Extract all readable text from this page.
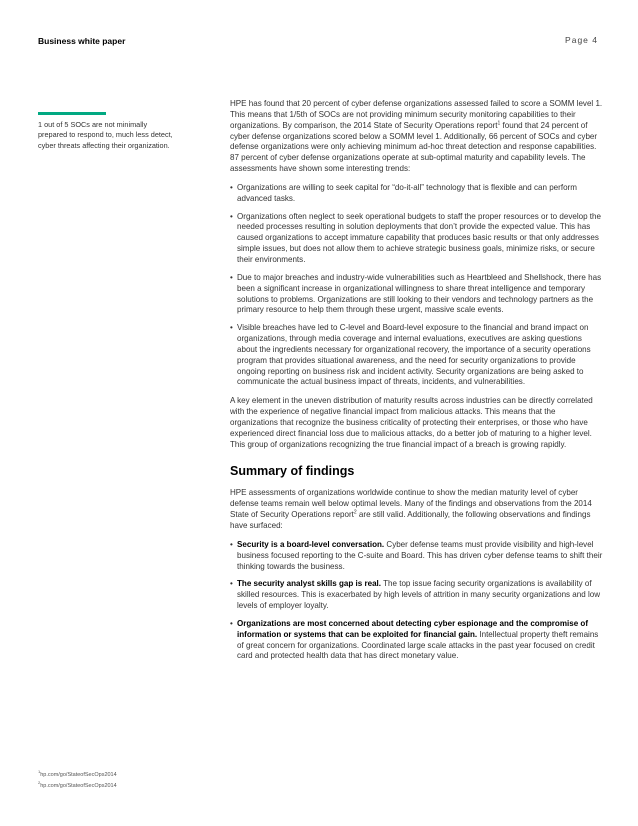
Business white paper	Page 4
1 out of 5 SOCs are not minimally prepared to respond to, much less detect, cyber threats affecting their organization.

HPE has found that 20 percent of cyber defense organizations assessed failed to score a SOMM level 1. This means that 1/5th of SOCs are not providing minimum security monitoring capabilities to their organizations. By comparison, the 2014 State of Security Operations report$^1$ found that 24 percent of cyber defense organizations scored below a SOMM level 1. Additionally, 66 percent of SOCs and cyber defense organizations were only achieving minimum ad-hoc threat detection and response capabilities. 87 percent of cyber defense organizations operate at sub-optimal maturity and capability levels. The assessments have shown some interesting trends:

• Organizations are willing to seek capital for “do-it-all” technology that is flexible and can perform advanced tasks.
• Organizations often neglect to seek operational budgets to staff the proper resources or to develop the needed processes resulting in solution deployments that don’t provide the expected value. This has caused organizations to accept immature capability that produces basic results or that only addresses simple issues, but does not allow them to achieve strategic business goals, minimize risks, or secure their environments.
• Due to major breaches and industry-wide vulnerabilities such as Heartbleed and Shellshock, there has been a significant increase in organizational willingness to share threat intelligence and temporary solutions to problems. Organizations are still looking to their vendors and technology partners as the primary resource to help them through these urgent, massive scale events.
• Visible breaches have led to C-level and Board-level exposure to the financial and brand impact on organizations, through media coverage and internal evaluations, executives are asking questions about the ingredients necessary for organizational recovery, the importance of a security operations program that provides situational awareness, and the need for security organizations to provide ongoing reporting on business risk and incident activity. Security organizations are being asked to communicate the actual business impact of threats, incidents, and vulnerabilities.

A key element in the uneven distribution of maturity results across industries can be directly correlated with the experience of negative financial impact from malicious attacks. This means that the organizations that recognize the business criticality of protecting their enterprises, or those who have experienced direct financial loss due to malicious attacks, do a better job of maturing to a higher level. This group of organizations recognizing the true financial impact of a breach is growing rapidly.

Summary of findings

HPE assessments of organizations worldwide continue to show the median maturity level of cyber defense teams remain well below optimal levels. Many of the findings and observations from the 2014 State of Security Operations report$^2$ are still valid. Additionally, the following observations and findings have surfaced:

• Security is a board-level conversation. Cyber defense teams must provide visibility and high-level business focused reporting to the C-suite and Board. This has driven cyber defense teams to shift their thinking towards the business.
• The security analyst skills gap is real. The top issue facing security organizations is availability of skilled resources. This is exacerbated by high levels of attrition in many security organizations and low levels of employer loyalty.
• Organizations are most concerned about detecting cyber espionage and the compromise of information or systems that can be exploited for financial gain. Intellectual property theft remains of great concern for organizations. Coordinated large scale attacks in the past year focused on credit card and protected health data that has direct monetary value.
$^1$hp.com/go/StateofSecOps2014
$^2$hp.com/go/StateofSecOps2014
